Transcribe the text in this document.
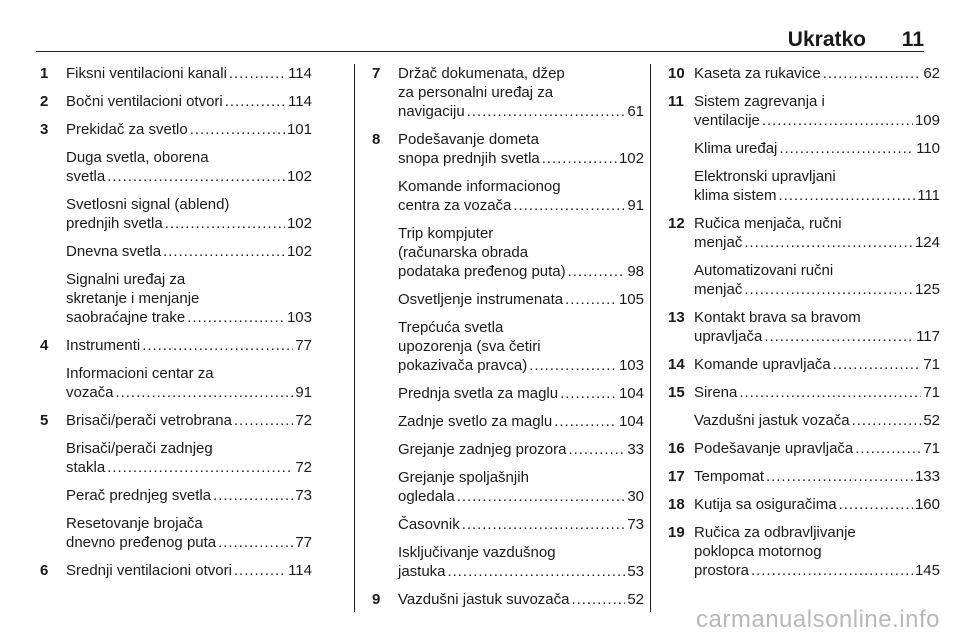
Ukratko 11
1	Fiksni ventilacioni kanali . . .	114
2	Bočni ventilacioni otvori . . .	114
3	Prekidač za svetlo . . .	101
Duga svetla, oborena
svetla . . .	102
Svetlosni signal (ablend)
prednjih svetla . . .	102
Dnevna svetla . . .	102
Signalni uređaj za
skretanje i menjanje
saobraćajne trake . . .	103
4	Instrumenti . . .	77
Informacioni centar za
vozača . . .	91
5	Brisači/perači vetrobrana . . .	72
Brisači/perači zadnjeg
stakla . . .	72
Perač prednjeg svetla . . .	73
Resetovanje brojača
dnevno pređenog puta . . .	77
6	Srednji ventilacioni otvori . . .	114
7	Držač dokumenata, džep
za personalni uređaj za
navigaciju . . .	61
8	Podešavanje dometa
snopa prednjih svetla . . .	102
Komande informacionog
centra za vozača . . .	91
Trip kompjuter
(računarska obrada
podataka pređenog puta) . . .	98
Osvetljenje instrumenata . . .	105
Trepćuća svetla
upozorenja (sva četiri
pokazivača pravca) . . .	103
Prednja svetla za maglu . . .	104
Zadnje svetlo za maglu . . .	104
Grejanje zadnjeg prozora . . .	33
Grejanje spoljašnjih
ogledala . . .	30
Časovnik . . .	73
Isključivanje vazdušnog
jastuka . . .	53
9	Vazdušni jastuk suvozača . . .	52
10 Kaseta za rukavice . . .	62
11 Sistem zagrevanja i
ventilacije . . .	109
Klima uređaj . . .	110
Elektronski upravljani
klima sistem . . .	111
12 Ručica menjača, ručni
menjač . . .	124
Automatizovani ručni
menjač . . .	125
13 Kontakt brava sa bravom
upravljača . . .	117
14 Komande upravljača . . .	71
15 Sirena . . .	71
Vazdušni jastuk vozača . . .	52
16 Podešavanje upravljača . . .	71
17 Tempomat . . .	133
18 Kutija sa osiguračima . . .	160
19 Ručica za odbravljivanje
poklopca motornog
prostora . . .	145
carmanualsonline.info
